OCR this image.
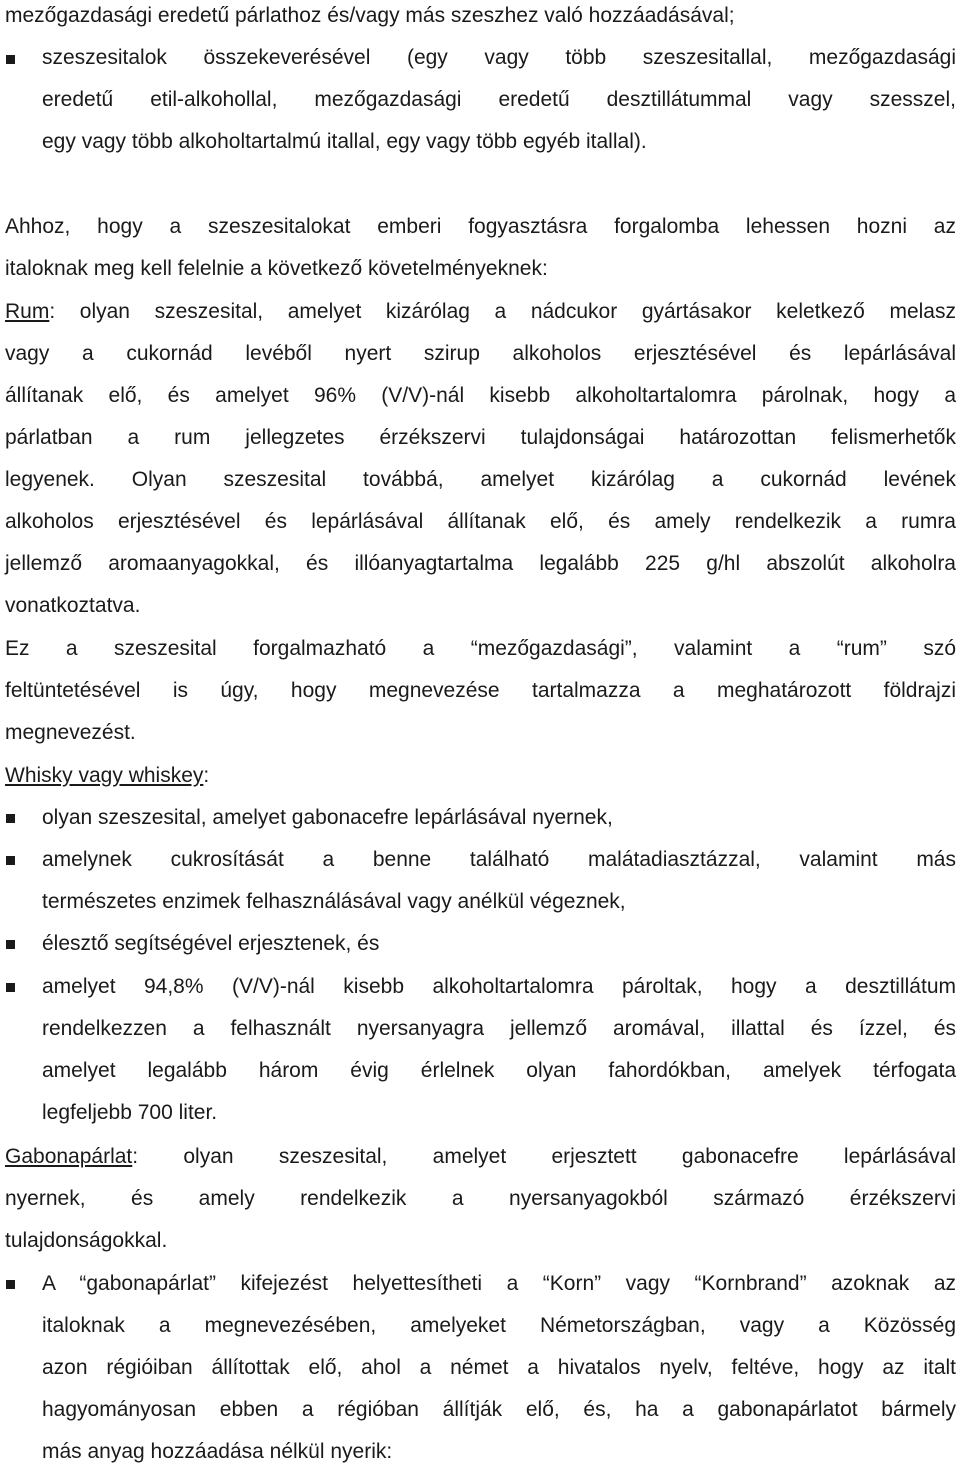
mezőgazdasági eredetű párlathoz és/vagy más szeszhez való hozzáadásával;
szeszesitalok összekeverésével (egy vagy több szeszesitallal, mezőgazdasági
eredetű etil-alkohollal, mezőgazdasági eredetű desztillátummal vagy szesszel,
egy vagy több alkoholtartalmú itallal, egy vagy több egyéb itallal).
Ahhoz, hogy a szeszesitalokat emberi fogyasztásra forgalomba lehessen hozni az
italoknak meg kell felelnie a következő követelményeknek:
Rum: olyan szeszesital, amelyet kizárólag a nádcukor gyártásakor keletkező melasz
vagy a cukornád levéből nyert szirup alkoholos erjesztésével és lepárlásával
állítanak elő, és amelyet 96% (V/V)-nál kisebb alkoholtartalomra párolnak, hogy a
párlatban a rum jellegzetes érzékszervi tulajdonságai határozottan felismerhetők
legyenek. Olyan szeszesital továbbá, amelyet kizárólag a cukornád levének
alkoholos erjesztésével és lepárlásával állítanak elő, és amely rendelkezik a rumra
jellemző aromaanyagokkal, és illóanyagtartalma legalább 225 g/hl abszolút alkoholra
vonatkoztatva.
Ez a szeszesital forgalmazható a “mezőgazdasági”, valamint a “rum” szó
feltüntetésével is úgy, hogy megnevezése tartalmazza a meghatározott földrajzi
megnevezést.
Whisky vagy whiskey:
olyan szeszesital, amelyet gabonacefre lepárlásával nyernek,
amelynek cukrosítását a benne található malátadiasztázzal, valamint más
természetes enzimek felhasználásával vagy anélkül végeznek,
élesztő segítségével erjesztenek, és
amelyet 94,8% (V/V)-nál kisebb alkoholtartalomra pároltak, hogy a desztillátum
rendelkezzen a felhasznált nyersanyagra jellemző aromával, illattal és ízzel, és
amelyet legalább három évig érlelnek olyan fahordókban, amelyek térfogata
legfeljebb 700 liter.
Gabonapárlat: olyan szeszesital, amelyet erjesztett gabonacefre lepárlásával
nyernek, és amely rendelkezik a nyersanyagokból származó érzékszervi
tulajdonságokkal.
A “gabonapárlat” kifejezést helyettesítheti a “Korn” vagy “Kornbrand” azoknak az
italoknak a megnevezésében, amelyeket Németországban, vagy a Közösség
azon régióiban állítottak elő, ahol a német a hivatalos nyelv, feltéve, hogy az italt
hagyományosan ebben a régióban állítják elő, és, ha a gabonapárlatot bármely
más anyag hozzáadása nélkül nyerik:
